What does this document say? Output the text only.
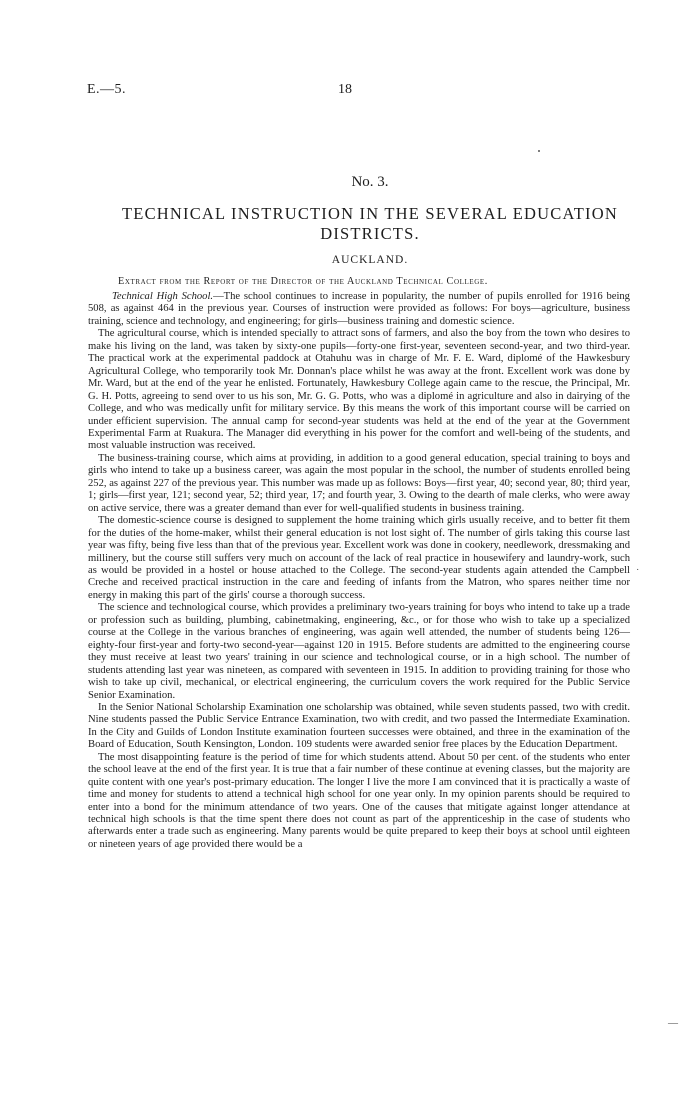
E.—5.	18
No. 3.
TECHNICAL INSTRUCTION IN THE SEVERAL EDUCATION DISTRICTS.
AUCKLAND.
Extract from the Report of the Director of the Auckland Technical College.

Technical High School.—The school continues to increase in popularity, the number of pupils enrolled for 1916 being 508, as against 464 in the previous year. Courses of instruction were provided as follows: For boys—agriculture, business training, science and technology, and engineering; for girls—business training and domestic science.

The agricultural course, which is intended specially to attract sons of farmers, and also the boy from the town who desires to make his living on the land, was taken by sixty-one pupils—forty-one first-year, seventeen second-year, and two third-year. The practical work at the experimental paddock at Otahuhu was in charge of Mr. F. E. Ward, diplomé of the Hawkesbury Agricultural College, who temporarily took Mr. Donnan's place whilst he was away at the front. Excellent work was done by Mr. Ward, but at the end of the year he enlisted. Fortunately, Hawkesbury College again came to the rescue, the Principal, Mr. G. H. Potts, agreeing to send over to us his son, Mr. G. G. Potts, who was a diplomé in agriculture and also in dairying of the College, and who was medically unfit for military service. By this means the work of this important course will be carried on under efficient supervision. The annual camp for second-year students was held at the end of the year at the Government Experimental Farm at Ruakura. The Manager did everything in his power for the comfort and well-being of the students, and most valuable instruction was received.

The business-training course, which aims at providing, in addition to a good general education, special training to boys and girls who intend to take up a business career, was again the most popular in the school, the number of students enrolled being 252, as against 227 of the previous year. This number was made up as follows: Boys—first year, 40; second year, 80; third year, 1; girls—first year, 121; second year, 52; third year, 17; and fourth year, 3. Owing to the dearth of male clerks, who were away on active service, there was a greater demand than ever for well-qualified students in business training.

The domestic-science course is designed to supplement the home training which girls usually receive, and to better fit them for the duties of the home-maker, whilst their general education is not lost sight of. The number of girls taking this course last year was fifty, being five less than that of the previous year. Excellent work was done in cookery, needlework, dressmaking and millinery, but the course still suffers very much on account of the lack of real practice in housewifery and laundry-work, such as would be provided in a hostel or house attached to the College. The second-year students again attended the Campbell Creche and received practical instruction in the care and feeding of infants from the Matron, who spares neither time nor energy in making this part of the girls' course a thorough success.

The science and technological course, which provides a preliminary two-years training for boys who intend to take up a trade or profession such as building, plumbing, cabinetmaking, engineering, &c., or for those who wish to take up a specialized course at the College in the various branches of engineering, was again well attended, the number of students being 126—eighty-four first-year and forty-two second-year—against 120 in 1915. Before students are admitted to the engineering course they must receive at least two years' training in our science and technological course, or in a high school. The number of students attending last year was nineteen, as compared with seventeen in 1915. In addition to providing training for those who wish to take up civil, mechanical, or electrical engineering, the curriculum covers the work required for the Public Service Senior Examination.

In the Senior National Scholarship Examination one scholarship was obtained, while seven students passed, two with credit. Nine students passed the Public Service Entrance Examination, two with credit, and two passed the Intermediate Examination. In the City and Guilds of London Institute examination fourteen successes were obtained, and three in the examination of the Board of Education, South Kensington, London. 109 students were awarded senior free places by the Education Department.

The most disappointing feature is the period of time for which students attend. About 50 per cent. of the students who enter the school leave at the end of the first year. It is true that a fair number of these continue at evening classes, but the majority are quite content with one year's post-primary education. The longer I live the more I am convinced that it is practically a waste of time and money for students to attend a technical high school for one year only. In my opinion parents should be required to enter into a bond for the minimum attendance of two years. One of the causes that mitigate against longer attendance at technical high schools is that the time spent there does not count as part of the apprenticeship in the case of students who afterwards enter a trade such as engineering. Many parents would be quite prepared to keep their boys at school until eighteen or nineteen years of age provided there would be a

˙
—
